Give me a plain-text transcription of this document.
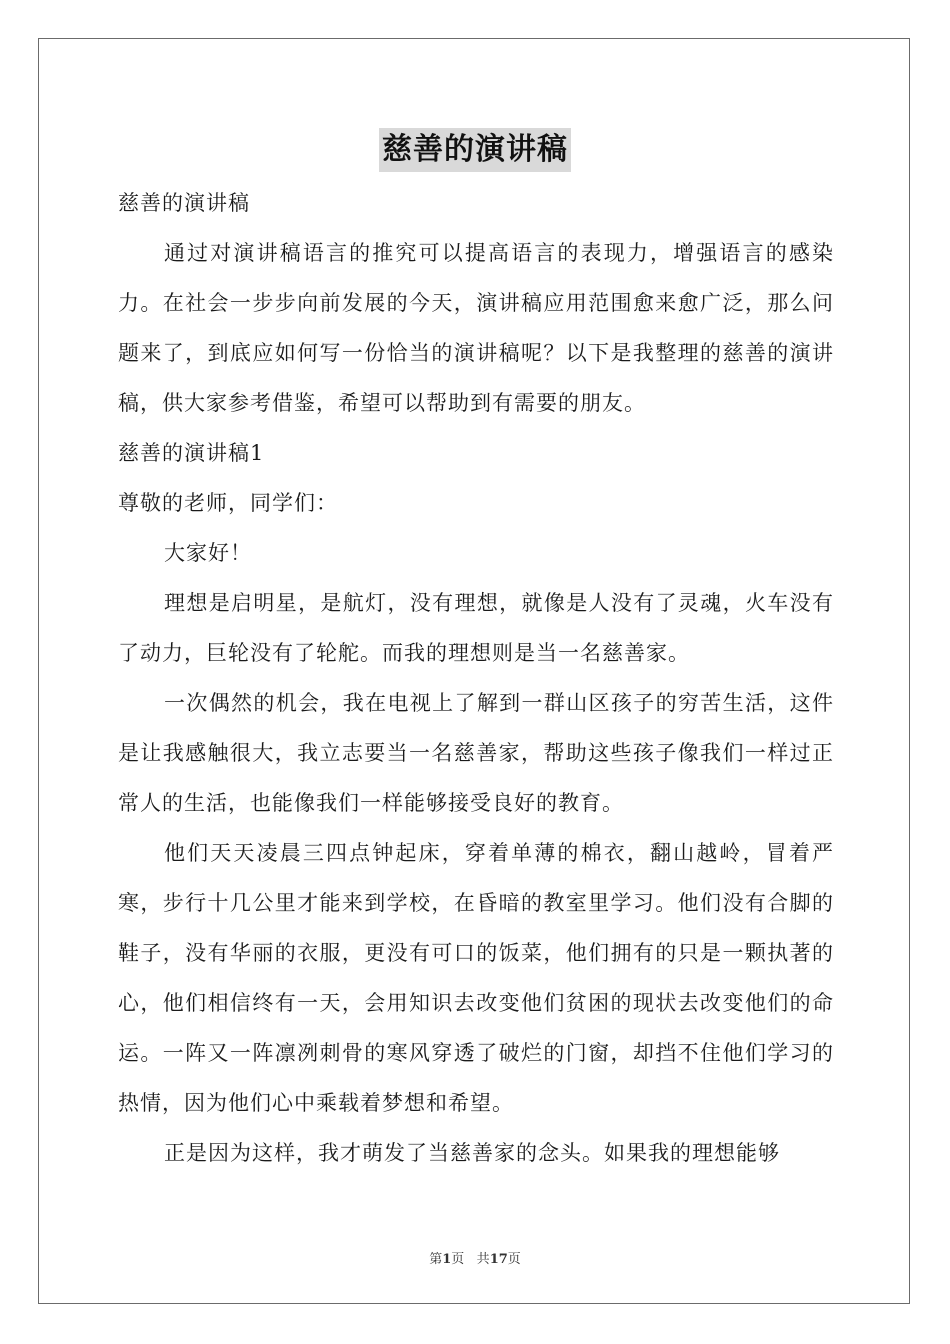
慈善的演讲稿

慈善的演讲稿

通过对演讲稿语言的推究可以提高语言的表现力，增强语言的感染力。在社会一步步向前发展的今天，演讲稿应用范围愈来愈广泛，那么问题来了，到底应如何写一份恰当的演讲稿呢？以下是我整理的慈善的演讲稿，供大家参考借鉴，希望可以帮助到有需要的朋友。

慈善的演讲稿1

尊敬的老师，同学们：

大家好！

理想是启明星，是航灯，没有理想，就像是人没有了灵魂，火车没有了动力，巨轮没有了轮舵。而我的理想则是当一名慈善家。

一次偶然的机会，我在电视上了解到一群山区孩子的穷苦生活，这件是让我感触很大，我立志要当一名慈善家，帮助这些孩子像我们一样过正常人的生活，也能像我们一样能够接受良好的教育。

他们天天凌晨三四点钟起床，穿着单薄的棉衣，翻山越岭，冒着严寒，步行十几公里才能来到学校，在昏暗的教室里学习。他们没有合脚的鞋子，没有华丽的衣服，更没有可口的饭菜，他们拥有的只是一颗执著的心，他们相信终有一天，会用知识去改变他们贫困的现状去改变他们的命运。一阵又一阵凛冽刺骨的寒风穿透了破烂的门窗，却挡不住他们学习的热情，因为他们心中乘载着梦想和希望。

正是因为这样，我才萌发了当慈善家的念头。如果我的理想能够

第1页 共17页
